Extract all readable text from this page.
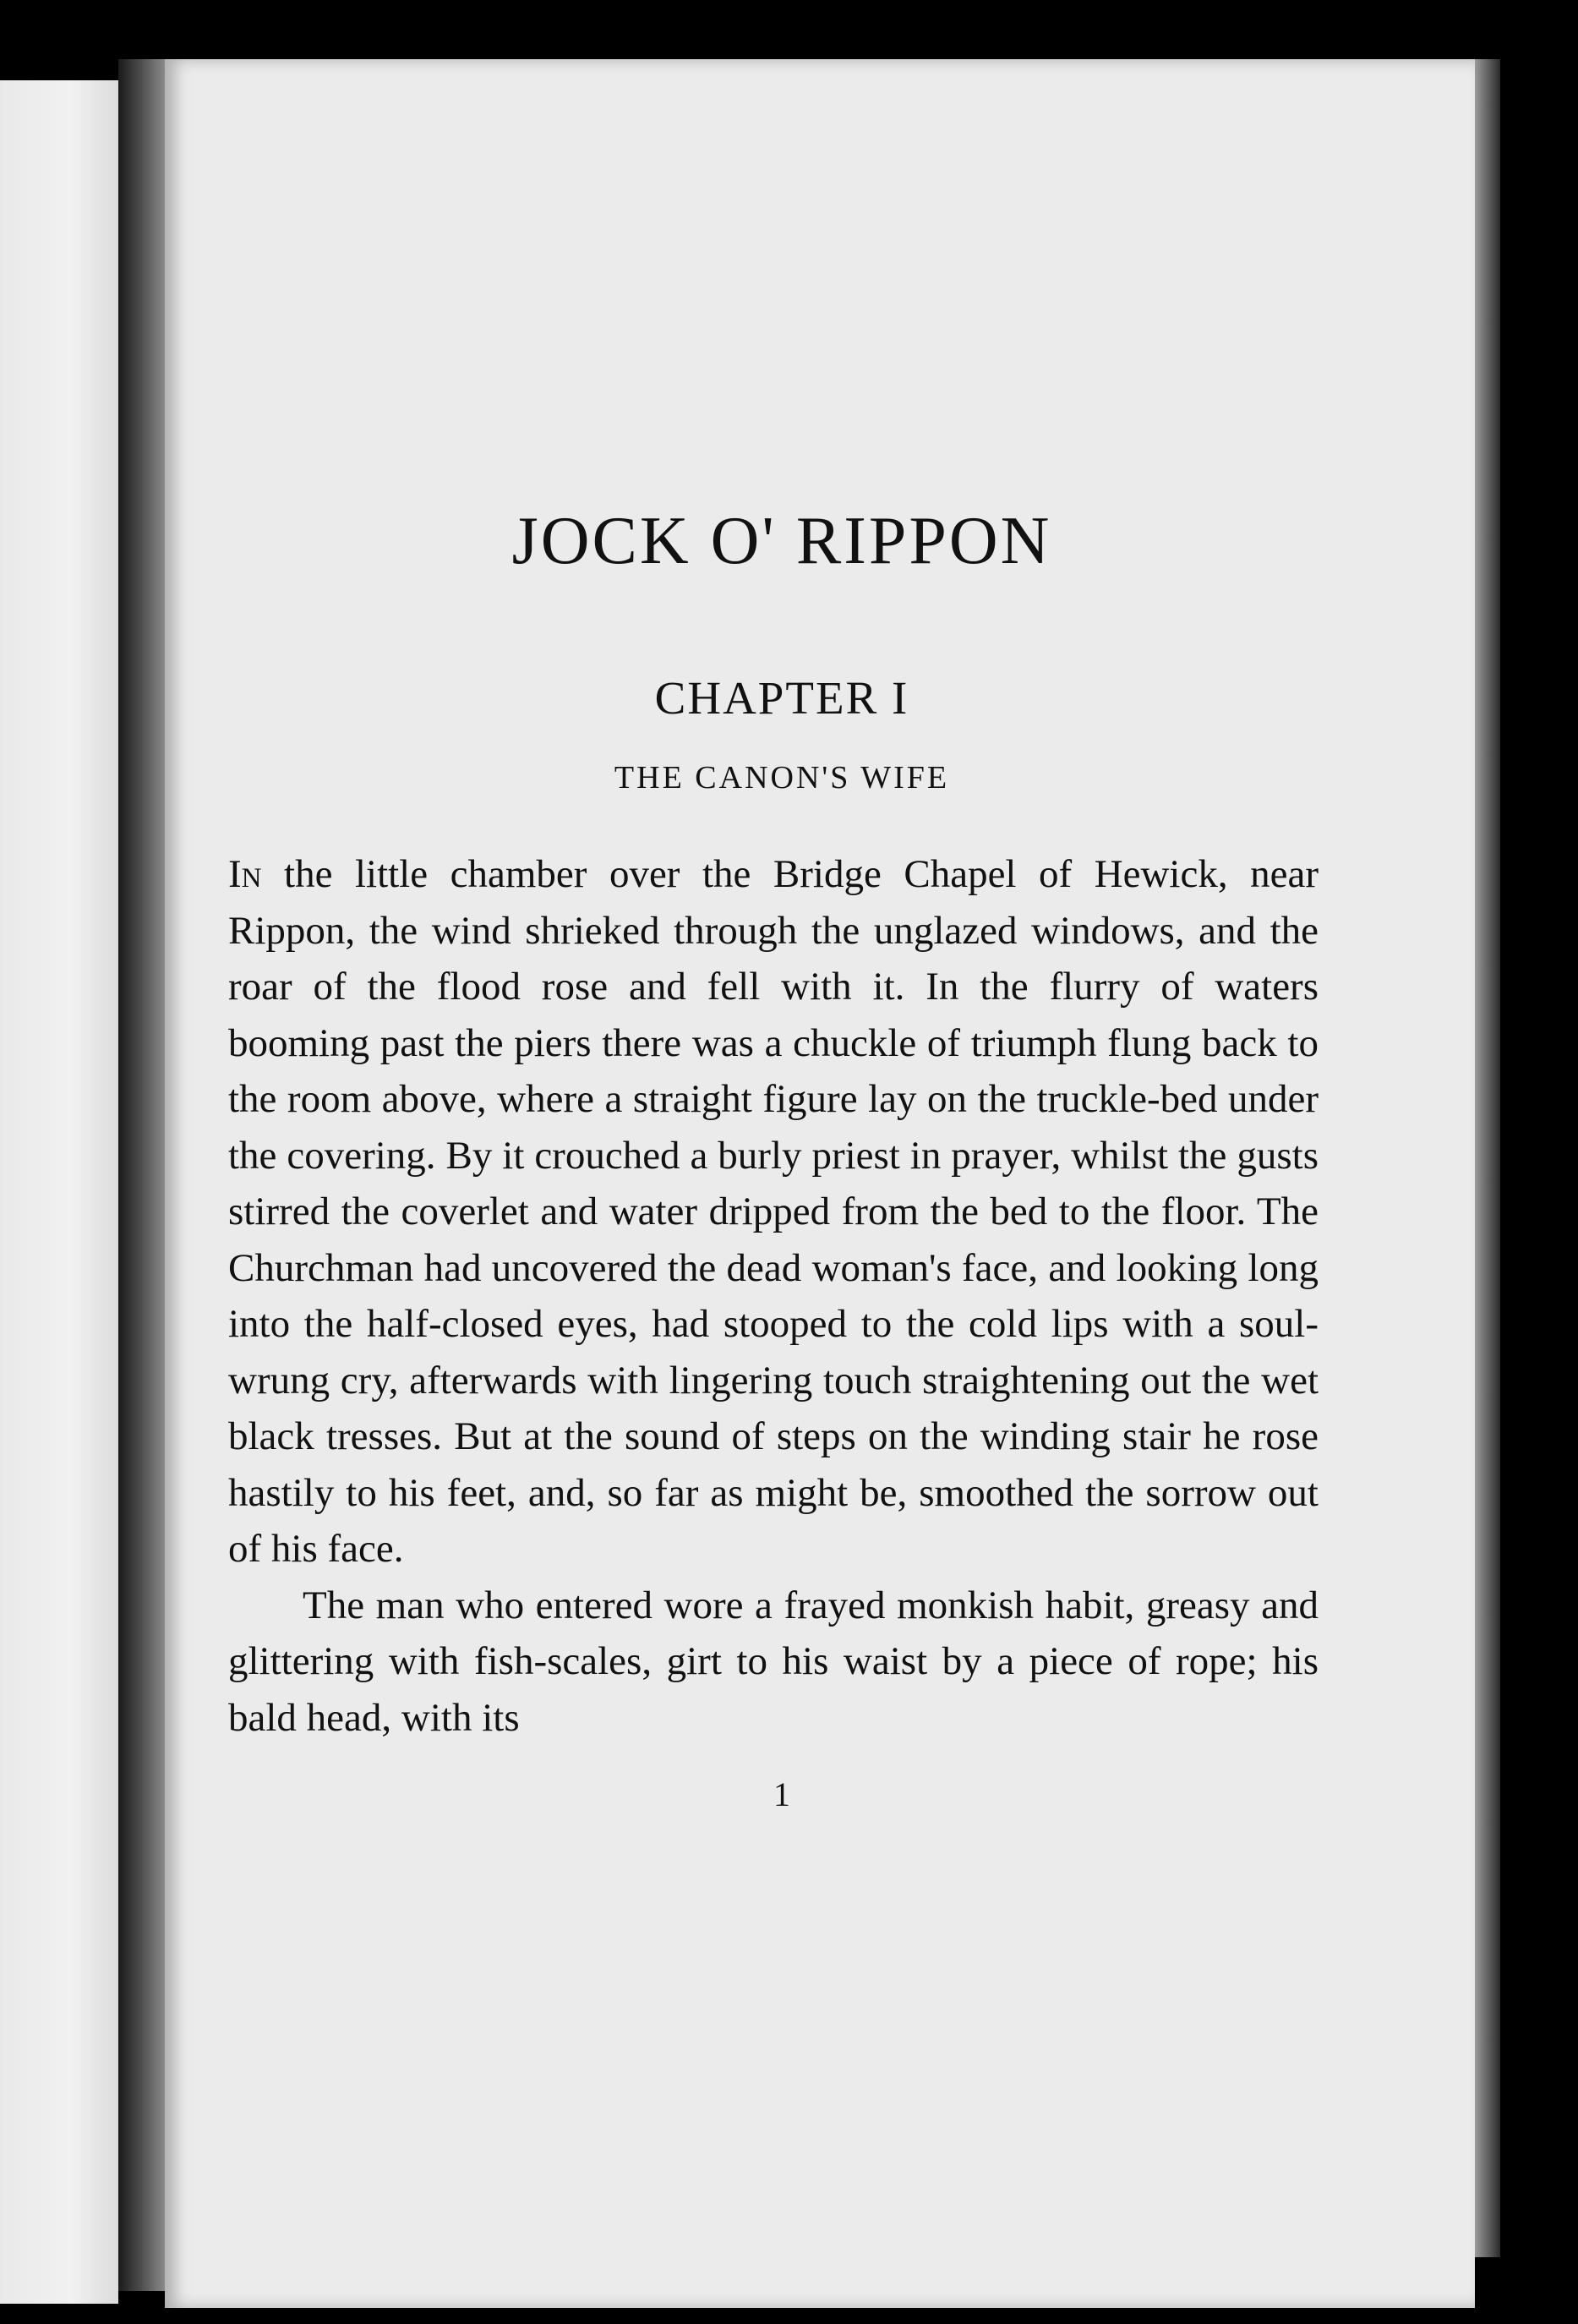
JOCK O' RIPPON
CHAPTER I
THE CANON'S WIFE

In the little chamber over the Bridge Chapel of Hewick, near Rippon, the wind shrieked through the unglazed windows, and the roar of the flood rose and fell with it. In the flurry of waters booming past the piers there was a chuckle of triumph flung back to the room above, where a straight figure lay on the truckle-bed under the covering. By it crouched a burly priest in prayer, whilst the gusts stirred the coverlet and water dripped from the bed to the floor. The Churchman had uncovered the dead woman's face, and looking long into the half-closed eyes, had stooped to the cold lips with a soul-wrung cry, afterwards with lingering touch straightening out the wet black tresses. But at the sound of steps on the winding stair he rose hastily to his feet, and, so far as might be, smoothed the sorrow out of his face.

The man who entered wore a frayed monkish habit, greasy and glittering with fish-scales, girt to his waist by a piece of rope; his bald head, with its

1
